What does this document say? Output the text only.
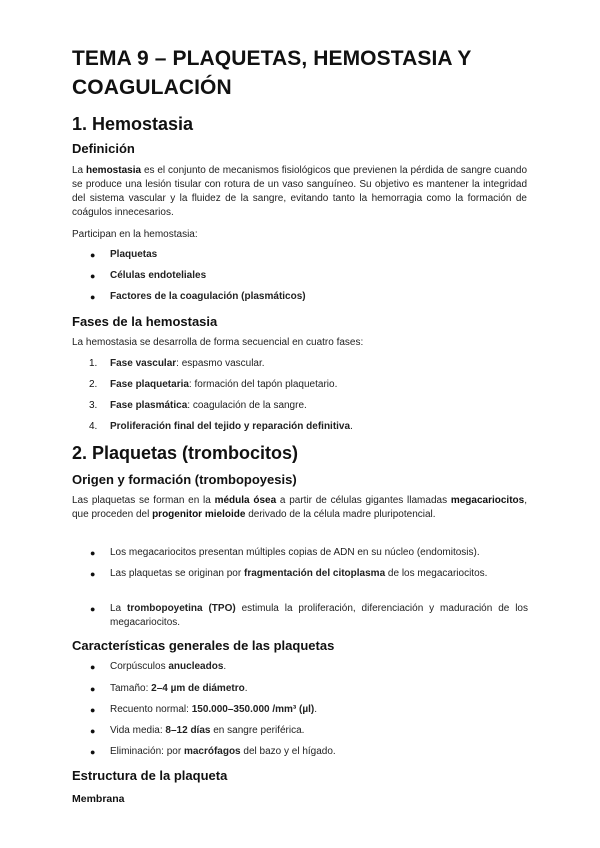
TEMA 9 – PLAQUETAS, HEMOSTASIA Y COAGULACIÓN
1. Hemostasia
Definición

La hemostasia es el conjunto de mecanismos fisiológicos que previenen la pérdida de sangre cuando se produce una lesión tisular con rotura de un vaso sanguíneo. Su objetivo es mantener la integridad del sistema vascular y la fluidez de la sangre, evitando tanto la hemorragia como la formación de coágulos innecesarios.

Participan en la hemostasia:

● Plaquetas

● Células endoteliales

● Factores de la coagulación (plasmáticos)

Fases de la hemostasia

La hemostasia se desarrolla de forma secuencial en cuatro fases:

1. Fase vascular: espasmo vascular.

2. Fase plaquetaria: formación del tapón plaquetario.

3. Fase plasmática: coagulación de la sangre.

4. Proliferación final del tejido y reparación definitiva.

2. Plaquetas (trombocitos)
Origen y formación (trombopoyesis)

Las plaquetas se forman en la médula ósea a partir de células gigantes llamadas megacariocitos, que proceden del progenitor mieloide derivado de la célula madre pluripotencial.

● Los megacariocitos presentan múltiples copias de ADN en su núcleo (endomitosis).

● Las plaquetas se originan por fragmentación del citoplasma de los megacariocitos.

● La trombopoyetina (TPO) estimula la proliferación, diferenciación y maduración de los megacariocitos.

Características generales de las plaquetas
● Corpúsculos anucleados.

● Tamaño: 2–4 µm de diámetro.

● Recuento normal: 150.000–350.000 /mm³ (µl).

● Vida media: 8–12 días en sangre periférica.

● Eliminación: por macrófagos del bazo y el hígado.

Estructura de la plaqueta
Membrana
